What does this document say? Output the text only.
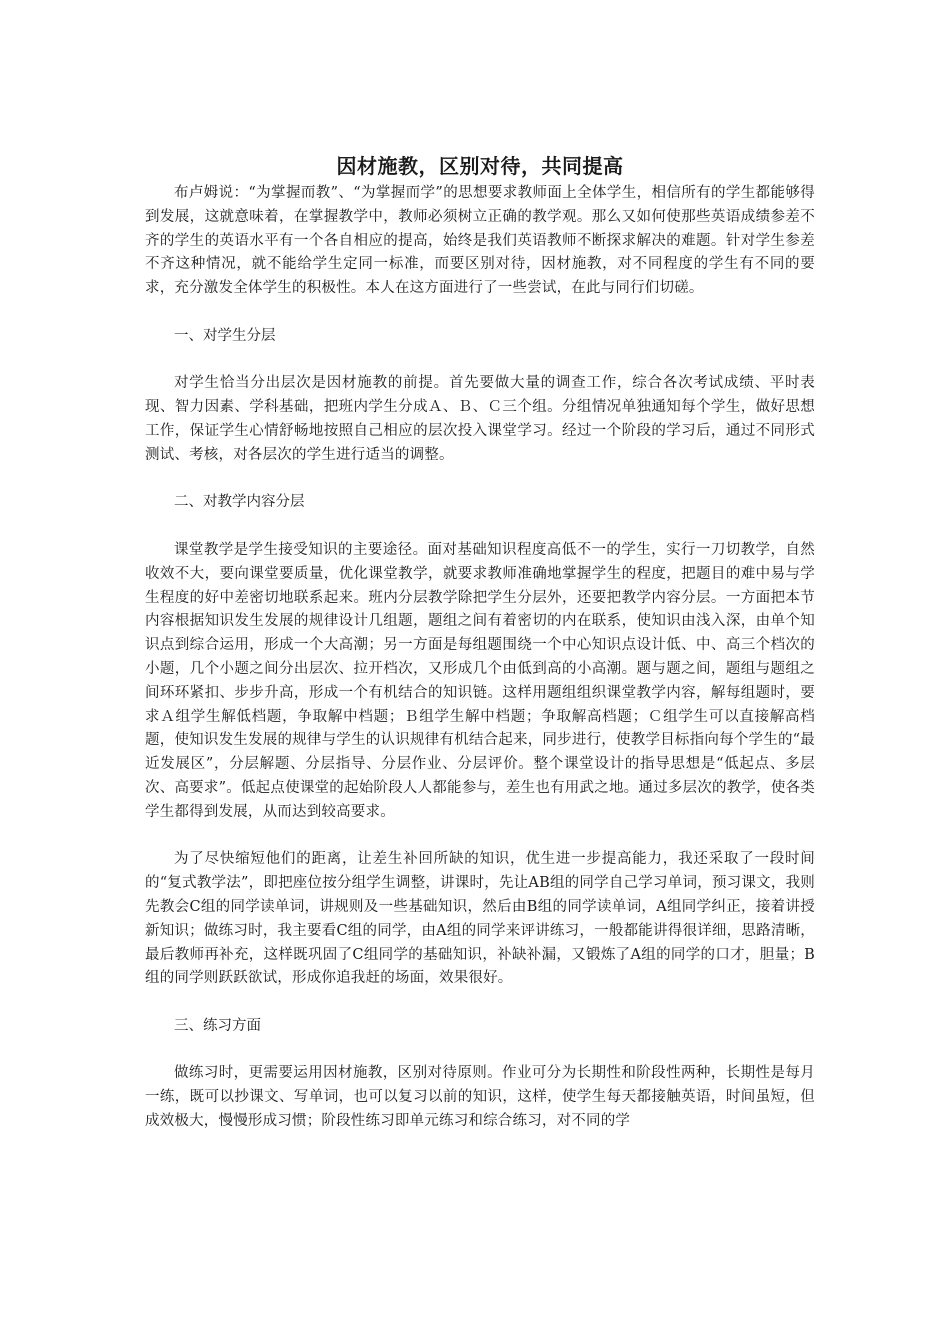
因材施教，区别对待，共同提高

布卢姆说：“为掌握而教”、“为掌握而学”的思想要求教师面上全体学生，相信所有的学生都能够得到发展，这就意味着，在掌握教学中，教师必须树立正确的教学观。那么又如何使那些英语成绩参差不齐的学生的英语水平有一个各自相应的提高，始终是我们英语教师不断探求解决的难题。针对学生参差不齐这种情况，就不能给学生定同一标准，而要区别对待，因材施教，对不同程度的学生有不同的要求，充分激发全体学生的积极性。本人在这方面进行了一些尝试，在此与同行们切磋。

一、对学生分层

对学生恰当分出层次是因材施教的前提。首先要做大量的调查工作，综合各次考试成绩、平时表现、智力因素、学科基础，把班内学生分成Ａ、Ｂ、Ｃ三个组。分组情况单独通知每个学生，做好思想工作，保证学生心情舒畅地按照自己相应的层次投入课堂学习。经过一个阶段的学习后，通过不同形式测试、考核，对各层次的学生进行适当的调整。

二、对教学内容分层

课堂教学是学生接受知识的主要途径。面对基础知识程度高低不一的学生，实行一刀切教学，自然收效不大，要向课堂要质量，优化课堂教学，就要求教师准确地掌握学生的程度，把题目的难中易与学生程度的好中差密切地联系起来。班内分层教学除把学生分层外，还要把教学内容分层。一方面把本节内容根据知识发生发展的规律设计几组题，题组之间有着密切的内在联系，使知识由浅入深，由单个知识点到综合运用，形成一个大高潮；另一方面是每组题围绕一个中心知识点设计低、中、高三个档次的小题，几个小题之间分出层次、拉开档次，又形成几个由低到高的小高潮。题与题之间，题组与题组之间环环紧扣、步步升高，形成一个有机结合的知识链。这样用题组组织课堂教学内容，解每组题时，要求Ａ组学生解低档题，争取解中档题；Ｂ组学生解中档题；争取解高档题；Ｃ组学生可以直接解高档题，使知识发生发展的规律与学生的认识规律有机结合起来，同步进行，使教学目标指向每个学生的“最近发展区”，分层解题、分层指导、分层作业、分层评价。整个课堂设计的指导思想是“低起点、多层次、高要求”。低起点使课堂的起始阶段人人都能参与，差生也有用武之地。通过多层次的教学，使各类学生都得到发展，从而达到较高要求。

为了尽快缩短他们的距离，让差生补回所缺的知识，优生进一步提高能力，我还采取了一段时间的“复式教学法”，即把座位按分组学生调整，讲课时，先让AB组的同学自己学习单词，预习课文，我则先教会C组的同学读单词，讲规则及一些基础知识，然后由B组的同学读单词，A组同学纠正，接着讲授新知识；做练习时，我主要看C组的同学，由A组的同学来评讲练习，一般都能讲得很详细，思路清晰，最后教师再补充，这样既巩固了C组同学的基础知识，补缺补漏，又锻炼了A组的同学的口才，胆量；B组的同学则跃跃欲试，形成你追我赶的场面，效果很好。

三、练习方面

做练习时，更需要运用因材施教，区别对待原则。作业可分为长期性和阶段性两种，长期性是每月一练，既可以抄课文、写单词，也可以复习以前的知识，这样，使学生每天都接触英语，时间虽短，但成效极大，慢慢形成习惯；阶段性练习即单元练习和综合练习，对不同的学
